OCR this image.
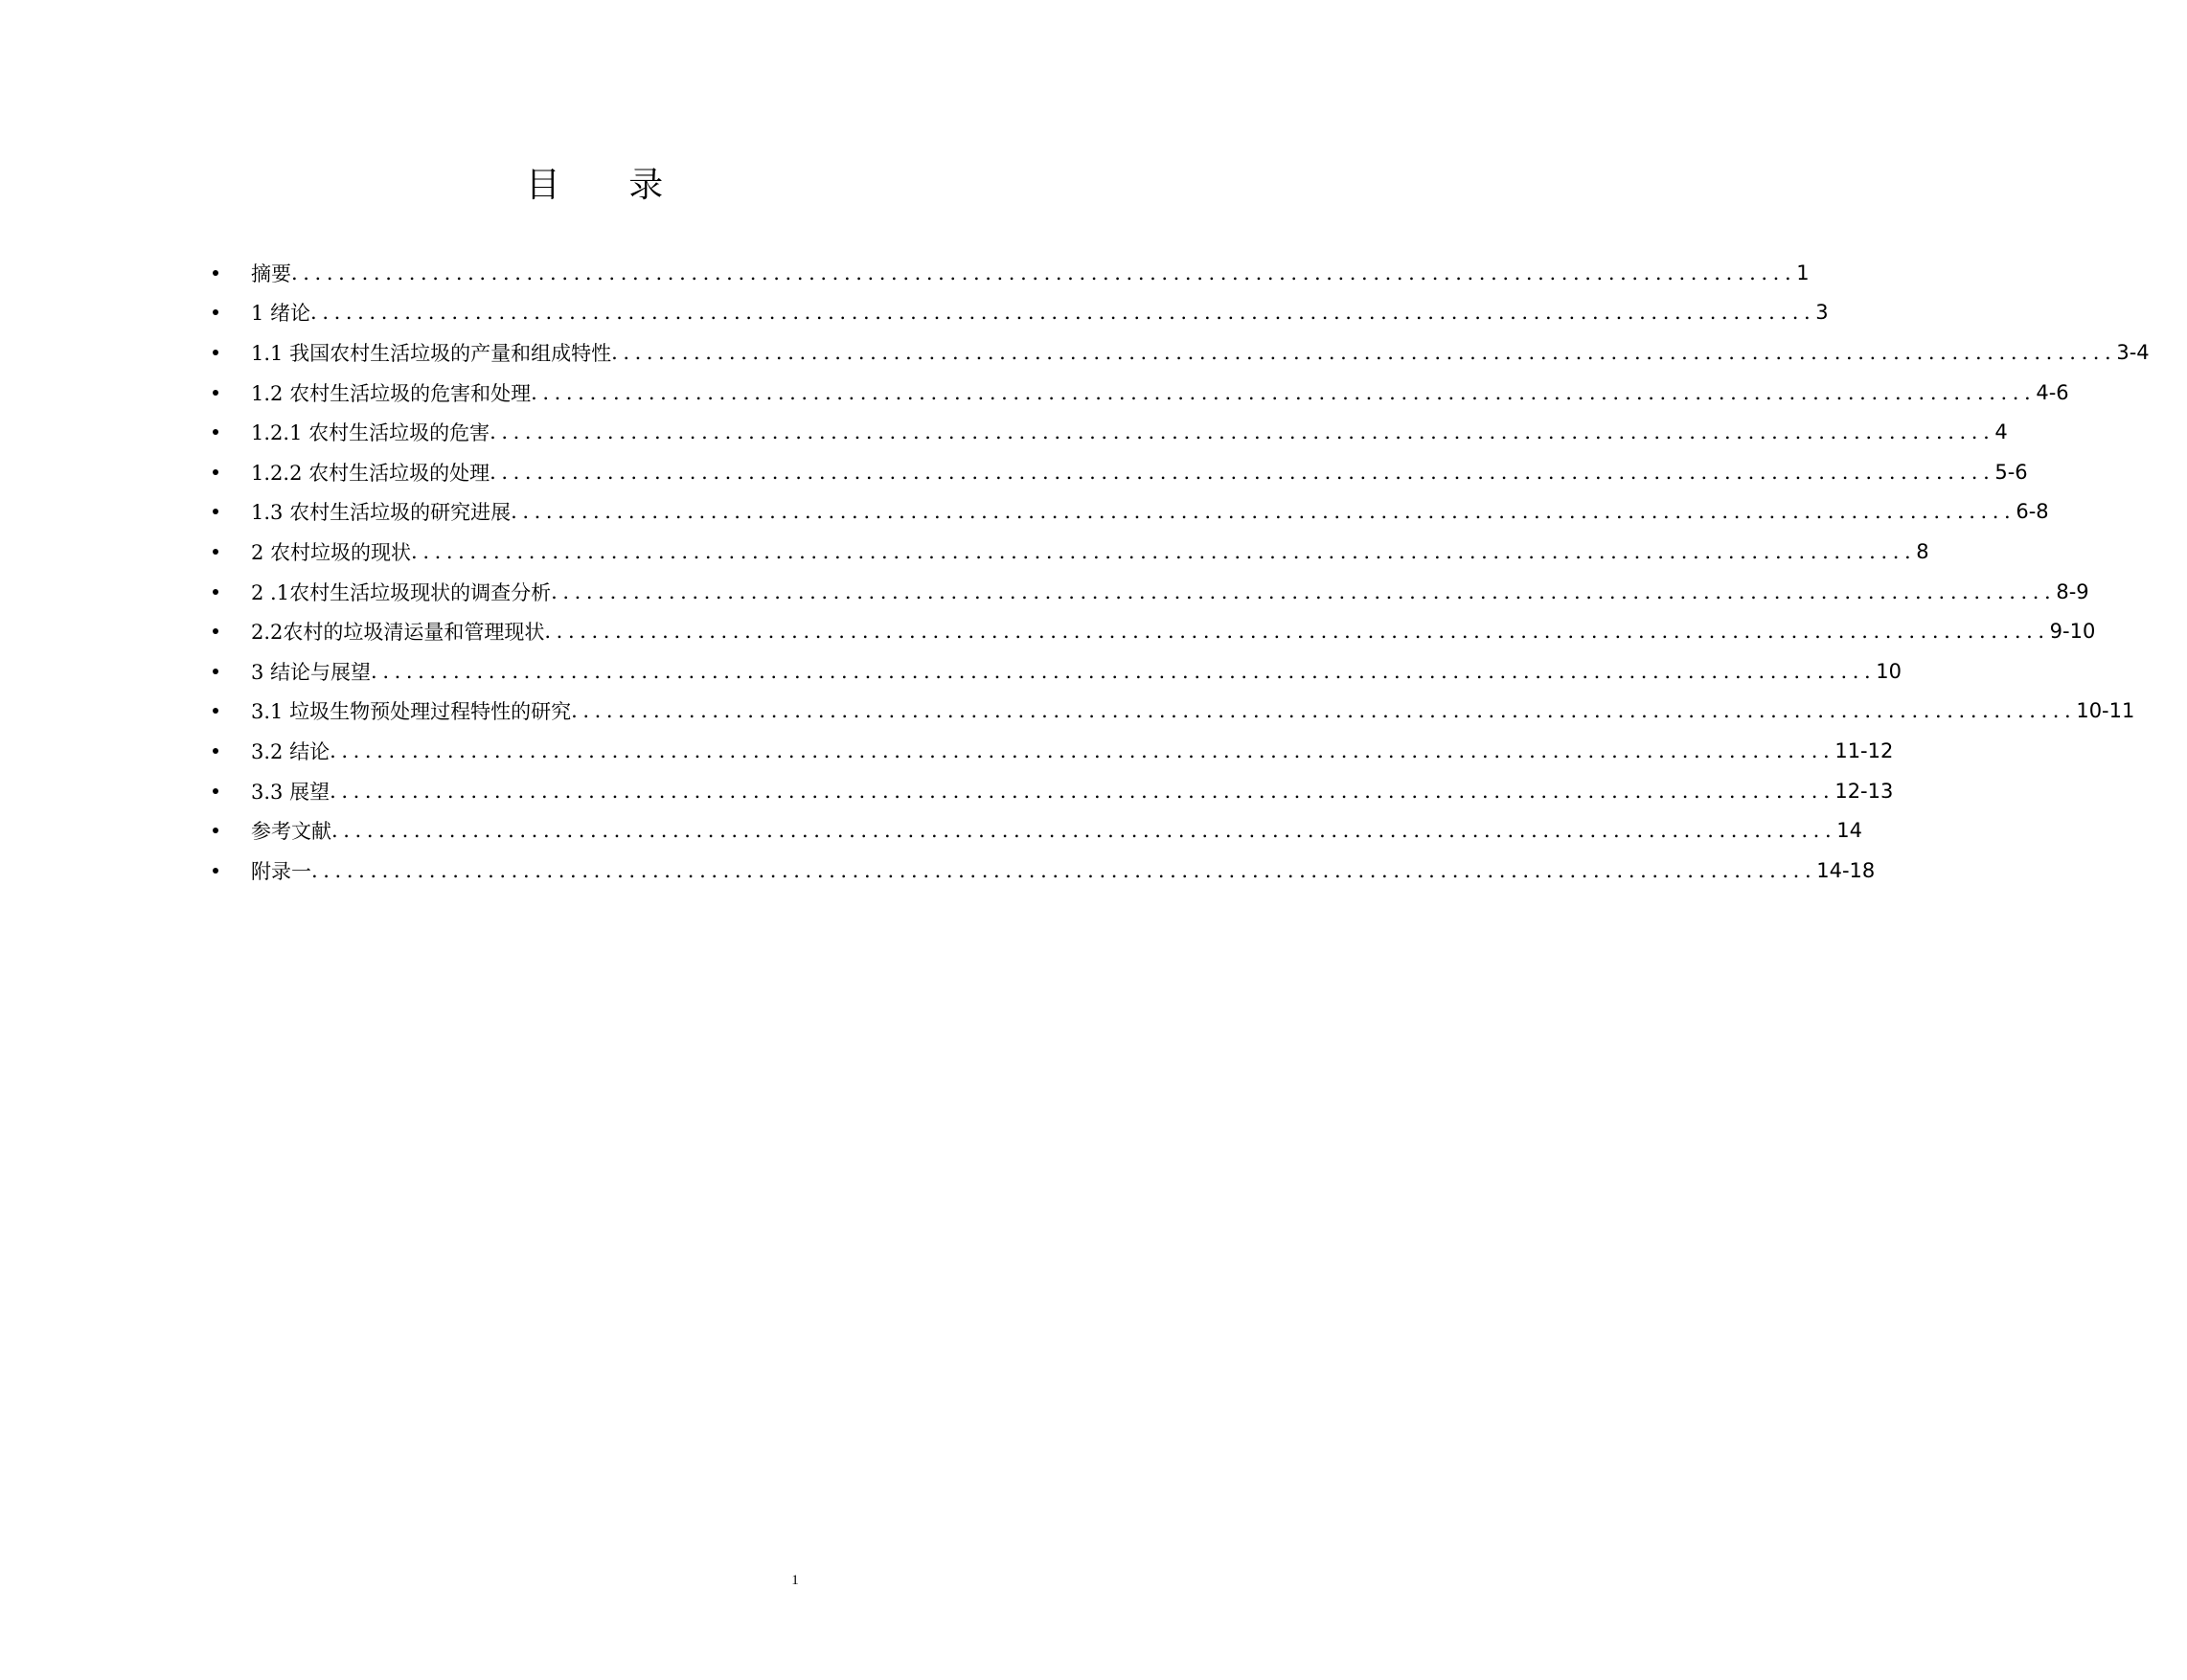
目 录
摘要 ................................................................................................................................ 1
1 绪论 ................................................................................................................................ 3
1.1 我国农村生活垃圾的产量和组成特性 ................................................................................................................................ 3-4
1.2 农村生活垃圾的危害和处理 ................................................................................................................................ 4-6
1.2.1 农村生活垃圾的危害 ................................................................................................................................ 4
1.2.2 农村生活垃圾的处理 ................................................................................................................................ 5-6
1.3 农村生活垃圾的研究进展 ................................................................................................................................ 6-8
2 农村垃圾的现状 ................................................................................................................................ 8
2 .1农村生活垃圾现状的调查分析 ................................................................................................................................ 8-9
2.2农村的垃圾清运量和管理现状 ................................................................................................................................ 9-10
3 结论与展望 ................................................................................................................................ 10
3.1 垃圾生物预处理过程特性的研究 ................................................................................................................................ 10-11
3.2 结论 ................................................................................................................................ 11-12
3.3 展望 ................................................................................................................................ 12-13
参考文献 ................................................................................................................................ 14
附录一 ................................................................................................................................ 14-18
1
